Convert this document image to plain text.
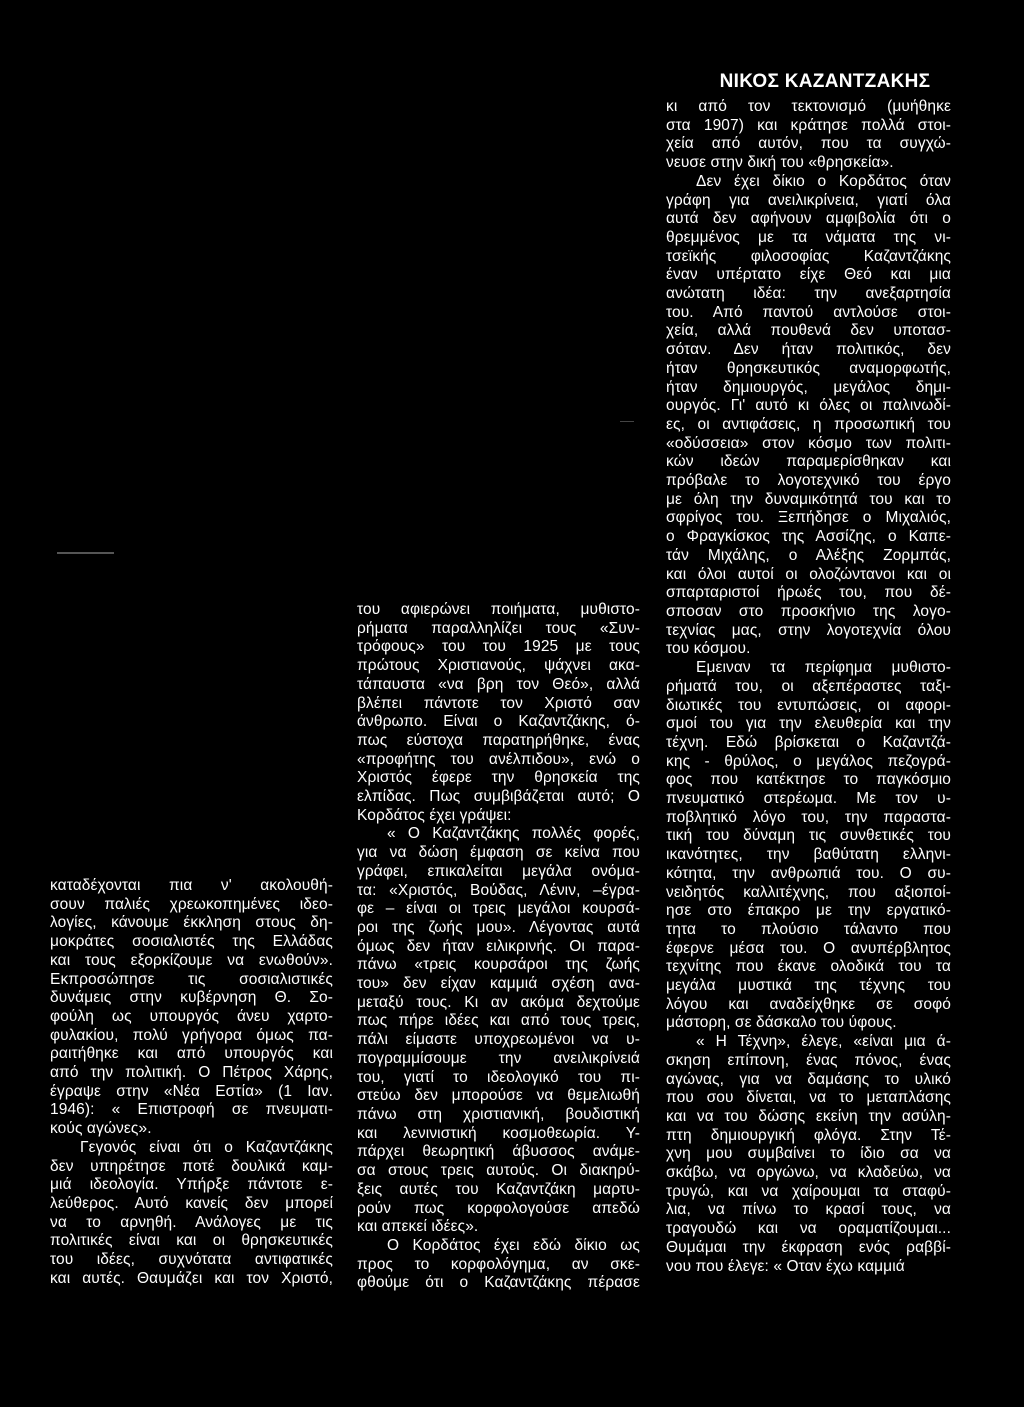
ΝΙΚΟΣ ΚΑΖΑΝΤΖΑΚΗΣ

καταδέχονται πια ν' ακολουθή-

σουν παλιές χρεωκοπημένες ιδεο-

λογίες, κάνουμε έκκληση στους δη-

μοκράτες σοσιαλιστές της Ελλάδας

και τους εξορκίζουμε να ενωθούν».

Εκπροσώπησε τις σοσιαλιστικές

δυνάμεις στην κυβέρνηση Θ. Σο-

φούλη ως υπουργός άνευ χαρτο-

φυλακίου, πολύ γρήγορα όμως πα-

ραιτήθηκε και από υπουργός και

από την πολιτική. Ο Πέτρος Χάρης,

έγραψε στην «Νέα Εστία» (1 Ιαν.

1946): « Επιστροφή σε πνευματι-

κούς αγώνες».

Γεγονός είναι ότι ο Καζαντζάκης

δεν υπηρέτησε ποτέ δουλικά καμ-

μιά ιδεολογία. Υπήρξε πάντοτε ε-

λεύθερος. Αυτό κανείς δεν μπορεί

να το αρνηθή. Ανάλογες με τις

πολιτικές είναι και οι θρησκευτικές

του ιδέες, συχνότατα αντιφατικές

και αυτές. Θαυμάζει και τον Χριστό,

του αφιερώνει ποιήματα, μυθιστο-

ρήματα παραλληλίζει τους «Συν-

τρόφους» του του 1925 με τους

πρώτους Χριστιανούς, ψάχνει ακα-

τάπαυστα «να βρη τον Θεό», αλλά

βλέπει πάντοτε τον Χριστό σαν

άνθρωπο. Είναι ο Καζαντζάκης, ό-

πως εύστοχα παρατηρήθηκε, ένας

«προφήτης του ανέλπιδου», ενώ ο

Χριστός έφερε την θρησκεία της

ελπίδας. Πως συμβιβάζεται αυτό; Ο

Κορδάτος έχει γράψει:

« Ο Καζαντζάκης πολλές φορές,

για να δώση έμφαση σε κείνα που

γράφει, επικαλείται μεγάλα ονόμα-

τα: «Χριστός, Βούδας, Λένιν, –έγρα-

φε – είναι οι τρεις μεγάλοι κουρσά-

ροι της ζωής μου». Λέγοντας αυτά

όμως δεν ήταν ειλικρινής. Οι παρα-

πάνω «τρεις κουρσάροι της ζωής

του» δεν είχαν καμμιά σχέση ανα-

μεταξύ τους. Κι αν ακόμα δεχτούμε

πως πήρε ιδέες και από τους τρεις,

πάλι είμαστε υποχρεωμένοι να υ-

πογραμμίσουμε την ανειλικρίνειά

του, γιατί το ιδεολογικό του πι-

στεύω δεν μπορούσε να θεμελιωθή

πάνω στη χριστιανική, βουδιστική

και λενινιστική κοσμοθεωρία. Υ-

πάρχει θεωρητική άβυσσος ανάμε-

σα στους τρεις αυτούς. Οι διακηρύ-

ξεις αυτές του Καζαντζάκη μαρτυ-

ρούν πως κορφολογούσε απεδώ

και απεκεί ιδέες».

Ο Κορδάτος έχει εδώ δίκιο ως

προς το κορφολόγημα, αν σκε-

φθούμε ότι ο Καζαντζάκης πέρασε

κι από τον τεκτονισμό (μυήθηκε

στα 1907) και κράτησε πολλά στοι-

χεία από αυτόν, που τα συγχώ-

νευσε στην δική του «θρησκεία».

Δεν έχει δίκιο ο Κορδάτος όταν

γράφη για ανειλικρίνεια, γιατί όλα

αυτά δεν αφήνουν αμφιβολία ότι ο

θρεμμένος με τα νάματα της νι-

τσεϊκής φιλοσοφίας Καζαντζάκης

έναν υπέρτατο είχε Θεό και μια

ανώτατη ιδέα: την ανεξαρτησία

του. Από παντού αντλούσε στοι-

χεία, αλλά πουθενά δεν υποτασ-

σόταν. Δεν ήταν πολιτικός, δεν

ήταν θρησκευτικός αναμορφωτής,

ήταν δημιουργός, μεγάλος δημι-

ουργός. Γι' αυτό κι όλες οι παλινωδί-

ες, οι αντιφάσεις, η προσωπική του

«οδύσσεια» στον κόσμο των πολιτι-

κών ιδεών παραμερίσθηκαν και

πρόβαλε το λογοτεχνικό του έργο

με όλη την δυναμικότητά του και το

σφρίγος του. Ξεπήδησε ο Μιχαλιός,

ο Φραγκίσκος της Ασσίζης, ο Καπε-

τάν Μιχάλης, ο Αλέξης Ζορμπάς,

και όλοι αυτοί οι ολοζώντανοι και οι

σπαρταριστοί ήρωές του, που δέ-

σποσαν στο προσκήνιο της λογο-

τεχνίας μας, στην λογοτεχνία όλου

του κόσμου.

Εμειναν τα περίφημα μυθιστο-

ρήματά του, οι αξεπέραστες ταξι-

διωτικές του εντυπώσεις, οι αφορι-

σμοί του για την ελευθερία και την

τέχνη. Εδώ βρίσκεται ο Καζαντζά-

κης - θρύλος, ο μεγάλος πεζογρά-

φος που κατέκτησε το παγκόσμιο

πνευματικό στερέωμα. Με τον υ-

ποβλητικό λόγο του, την παραστα-

τική του δύναμη τις συνθετικές του

ικανότητες, την βαθύτατη ελληνι-

κότητα, την ανθρωπιά του. Ο συ-

νειδητός καλλιτέχνης, που αξιοποί-

ησε στο έπακρο με την εργατικό-

τητα το πλούσιο τάλαντο που

έφερνε μέσα του. Ο ανυπέρβλητος

τεχνίτης που έκανε ολοδικά του τα

μεγάλα μυστικά της τέχνης του

λόγου και αναδείχθηκε σε σοφό

μάστορη, σε δάσκαλο του ύφους.

« Η Τέχνη», έλεγε, «είναι μια ά-

σκηση επίπονη, ένας πόνος, ένας

αγώνας, για να δαμάσης το υλικό

που σου δίνεται, να το μεταπλάσης

και να του δώσης εκείνη την ασύλη-

πτη δημιουργική φλόγα. Στην Τέ-

χνη μου συμβαίνει το ίδιο σα να

σκάβω, να οργώνω, να κλαδεύω, να

τρυγώ, και να χαίρουμαι τα σταφύ-

λια, να πίνω το κρασί τους, να

τραγουδώ και να οραματίζουμαι...

Θυμάμαι την έκφραση ενός ραββί-

νου που έλεγε: « Οταν έχω καμμιά
